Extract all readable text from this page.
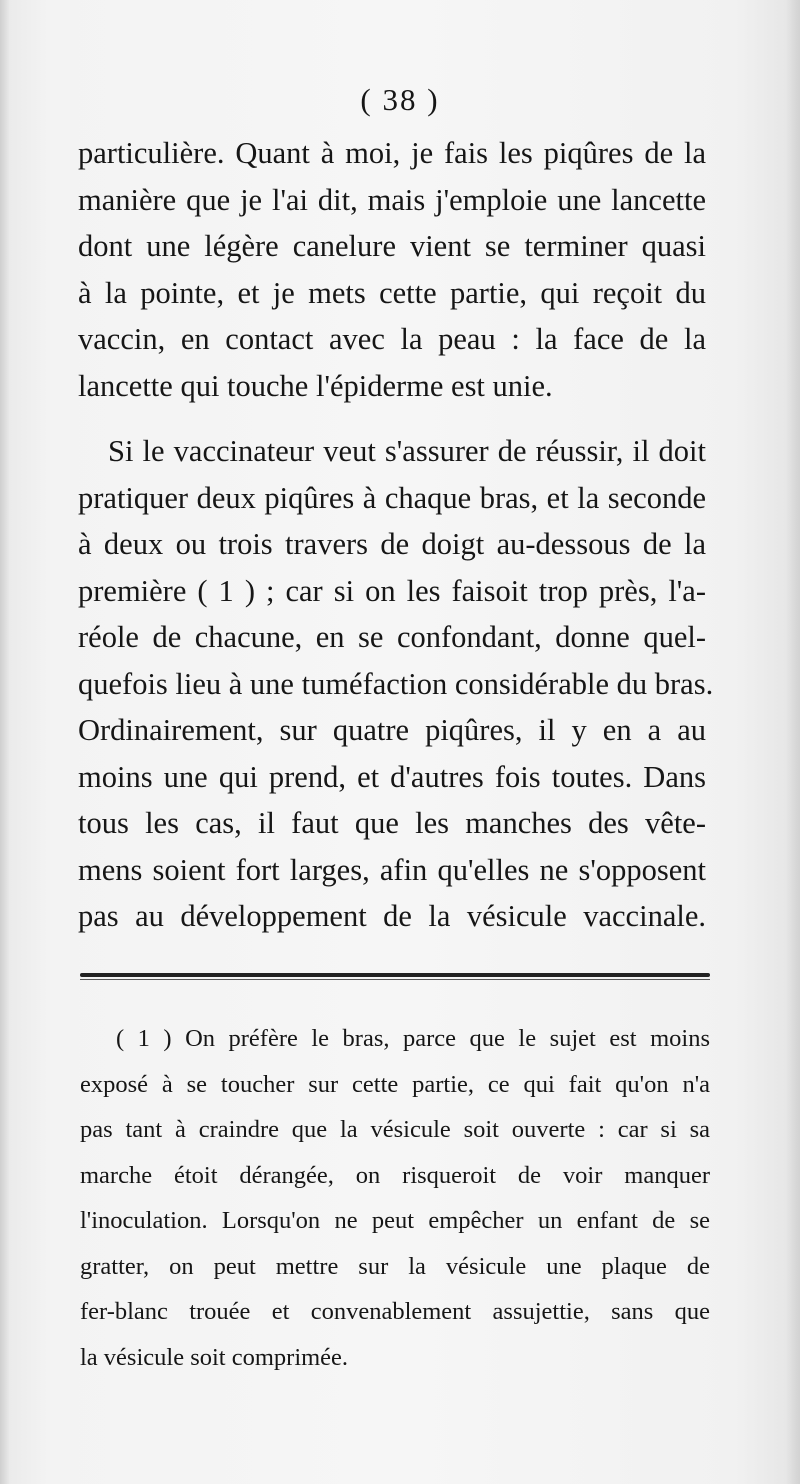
( 38 )
particulière. Quant à moi, je fais les piqûres de la
manière que je l'ai dit, mais j'emploie une lancette
dont une légère canelure vient se terminer quasi
à la pointe, et je mets cette partie, qui reçoit du
vaccin, en contact avec la peau : la face de la
lancette qui touche l'épiderme est unie.
Si le vaccinateur veut s'assurer de réussir, il doit
pratiquer deux piqûres à chaque bras, et la seconde
à deux ou trois travers de doigt au-dessous de la
première ( 1 ) ; car si on les faisoit trop près, l'a-
réole de chacune, en se confondant, donne quel-
quefois lieu à une tuméfaction considérable du bras.
Ordinairement, sur quatre piqûres, il y en a au
moins une qui prend, et d'autres fois toutes. Dans
tous les cas, il faut que les manches des vête-
mens soient fort larges, afin qu'elles ne s'opposent
pas au développement de la vésicule vaccinale.
( 1 ) On préfère le bras, parce que le sujet est moins
exposé à se toucher sur cette partie, ce qui fait qu'on n'a
pas tant à craindre que la vésicule soit ouverte : car si sa
marche étoit dérangée, on risqueroit de voir manquer
l'inoculation. Lorsqu'on ne peut empêcher un enfant de se
gratter, on peut mettre sur la vésicule une plaque de
fer-blanc trouée et convenablement assujettie, sans que
la vésicule soit comprimée.
